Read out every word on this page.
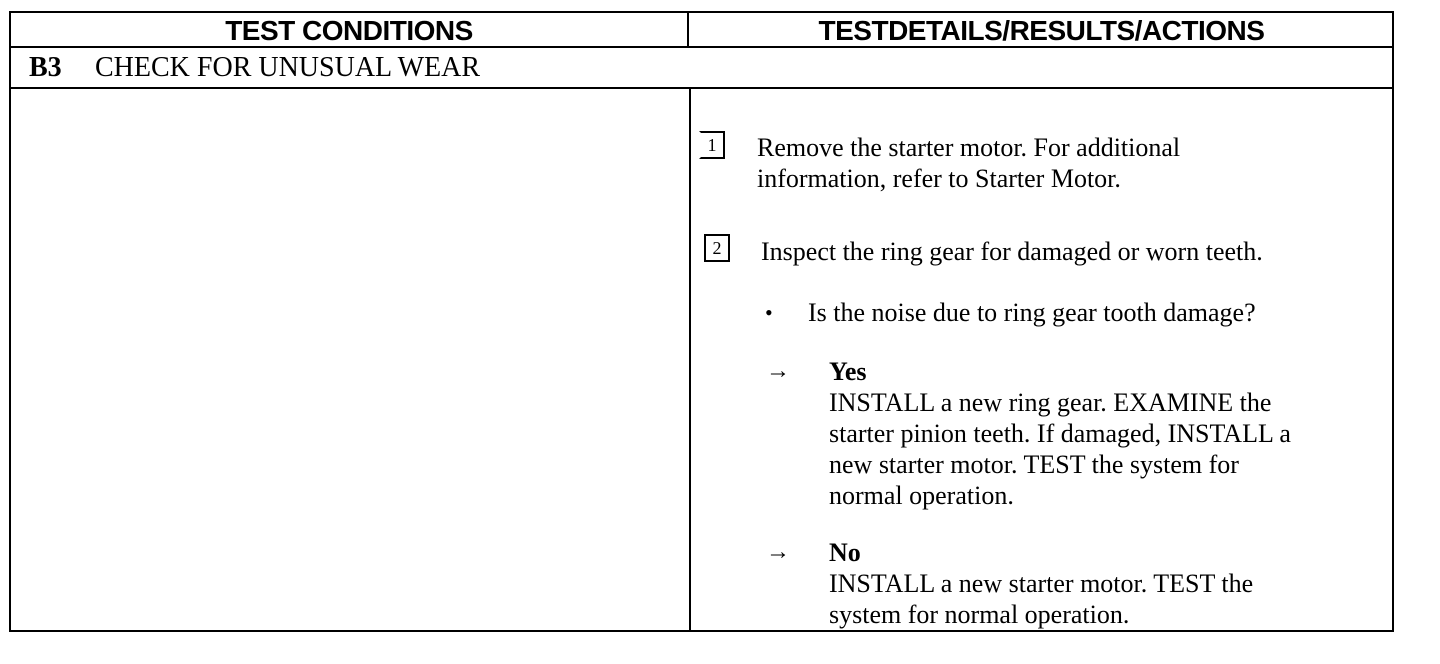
TEST CONDITIONS	TESTDETAILS/RESULTS/ACTIONS
B3 CHECK FOR UNUSUAL WEAR
1	Remove the starter motor. For additional
information, refer to Starter Motor.
2	Inspect the ring gear for damaged or worn teeth.
• Is the noise due to ring gear tooth damage?
→ Yes
INSTALL a new ring gear. EXAMINE the
starter pinion teeth. If damaged, INSTALL a
new starter motor. TEST the system for
normal operation.
→ No
INSTALL a new starter motor. TEST the
system for normal operation.
